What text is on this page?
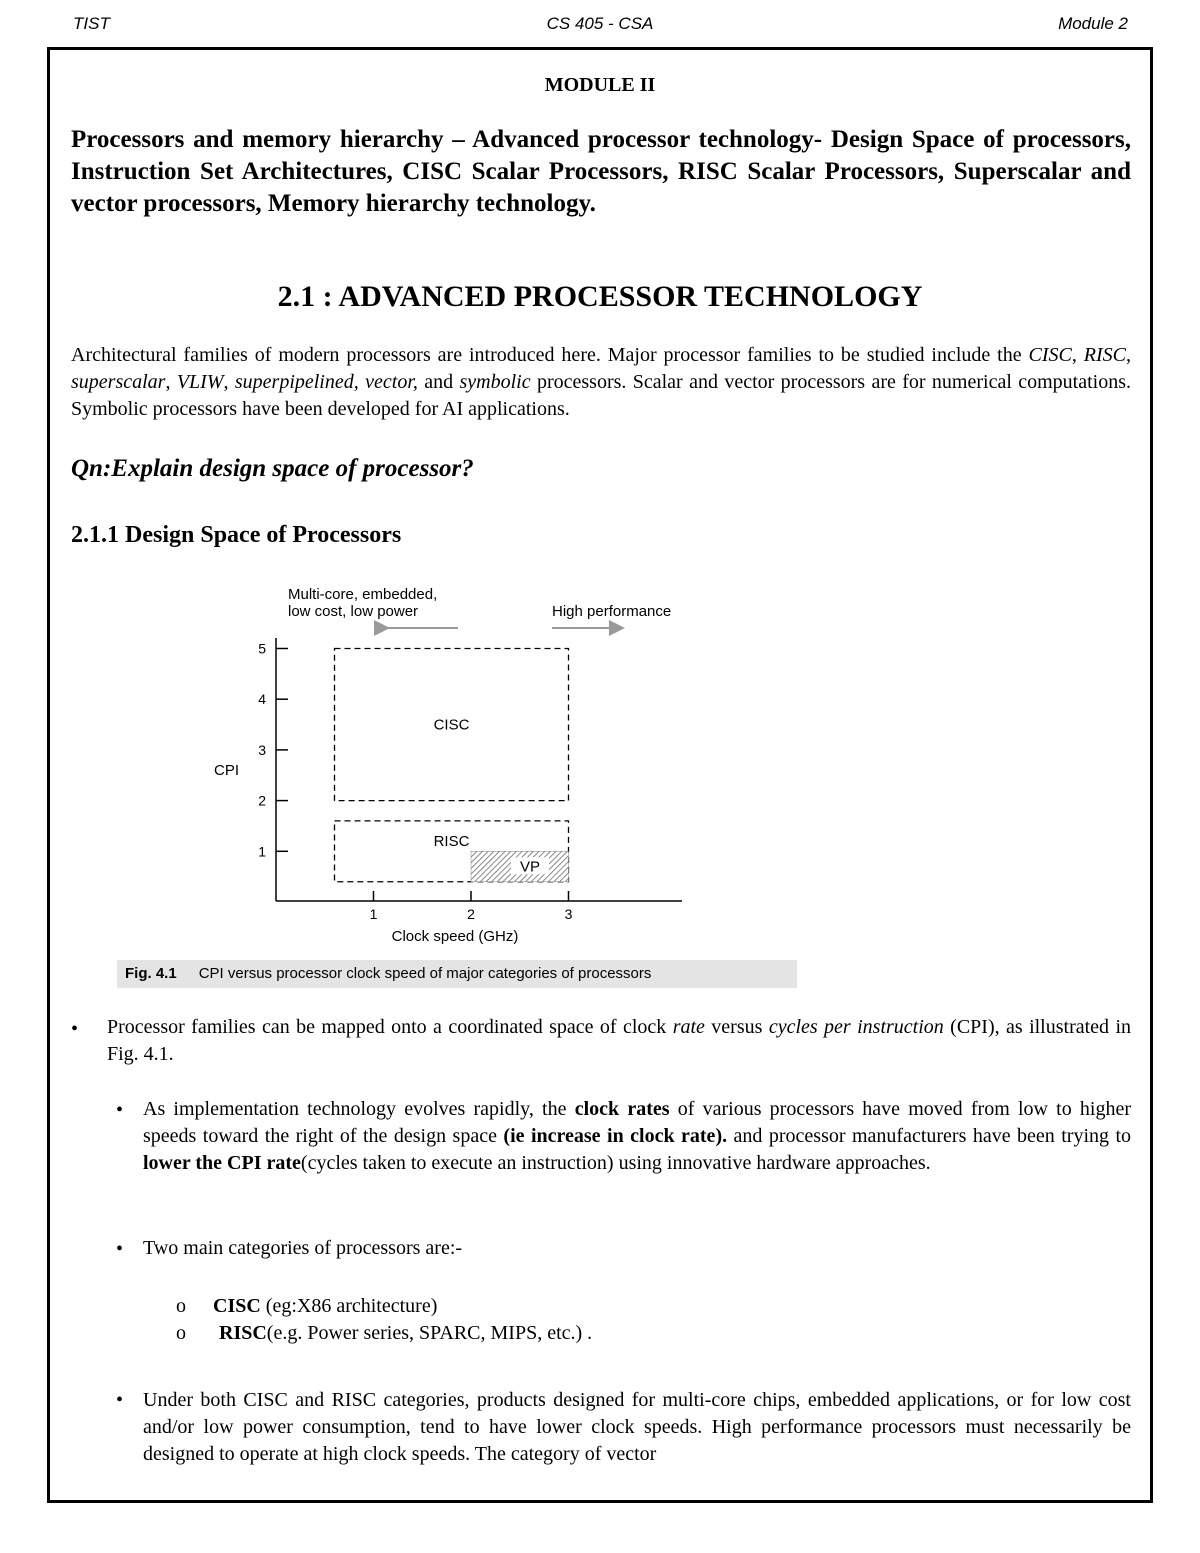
TIST	CS 405 - CSA	Module 2
MODULE II
Processors and memory hierarchy – Advanced processor technology- Design Space of processors, Instruction Set Architectures, CISC Scalar Processors, RISC Scalar Processors, Superscalar and vector processors, Memory hierarchy technology.
2.1 : ADVANCED PROCESSOR TECHNOLOGY
Architectural families of modern processors are introduced here. Major processor families to be studied include the CISC, RISC, superscalar, VLIW, superpipelined, vector, and symbolic processors. Scalar and vector processors are for numerical computations. Symbolic processors have been developed for AI applications.
Qn:Explain design space of processor?
2.1.1 Design Space of Processors
Multi-core, embedded,
low cost, low power	High performance
1
2
3
4
5
1	2	3
CPI
Clock speed (GHz)
CISC
RISC
VP
Fig. 4.1 CPI versus processor clock speed of major categories of processors
• Processor families can be mapped onto a coordinated space of clock rate versus cycles per instruction (CPI), as illustrated in Fig. 4.1.
• As implementation technology evolves rapidly, the clock rates of various processors have moved from low to higher speeds toward the right of the design space (ie increase in clock rate). and processor manufacturers have been trying to lower the CPI rate(cycles taken to execute an instruction) using innovative hardware approaches.
• Two main categories of processors are:-
o CISC (eg:X86 architecture)
o RISC(e.g. Power series, SPARC, MIPS, etc.) .
• Under both CISC and RISC categories, products designed for multi-core chips, embedded applications, or for low cost and/or low power consumption, tend to have lower clock speeds. High performance processors must necessarily be designed to operate at high clock speeds. The category of vector
